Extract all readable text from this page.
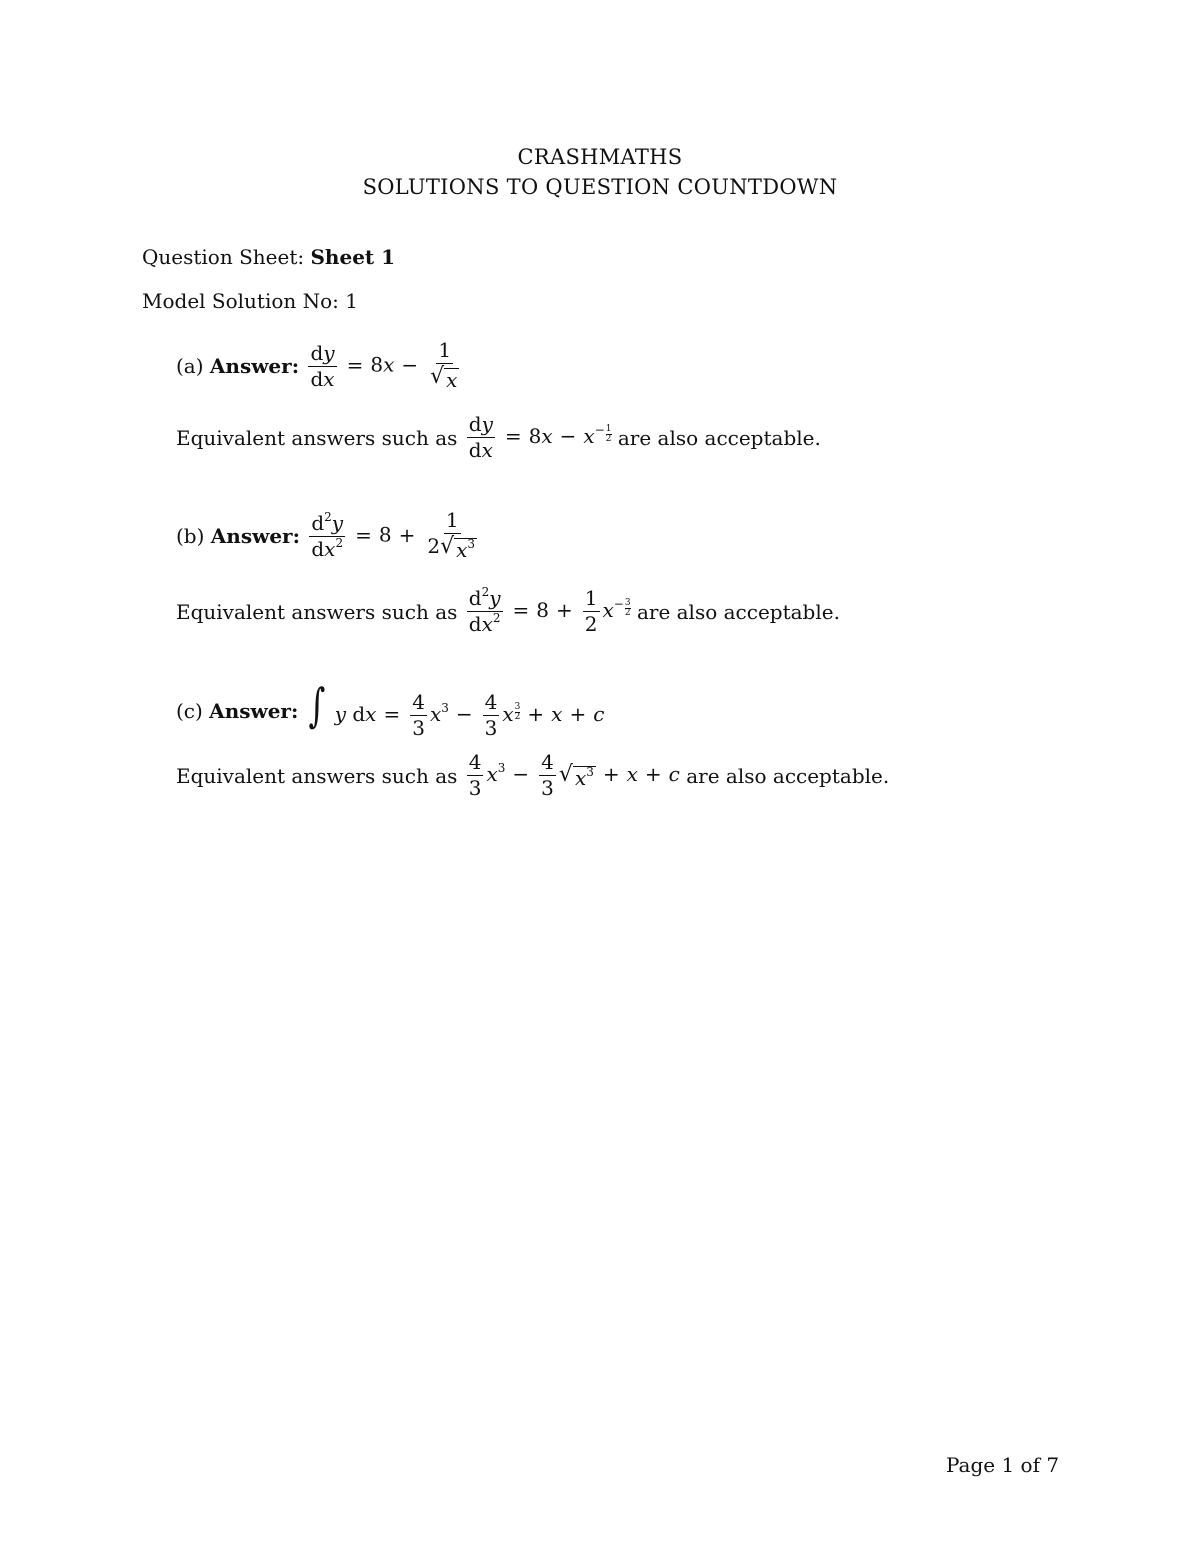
CRASHMATHS
SOLUTIONS TO QUESTION COUNTDOWN
Question Sheet:
Sheet 1
Model Solution No:
1
(a)
Answer:
$\frac{dy}{dx} = 8x - \frac{1}{√ x}$
Equivalent answers such as
$\frac{dy}{dx} = 8x - x^- \frac{1}{2}$
are also acceptable.
(b)
Answer:
$\frac{d^2y}{dx^2} = 8 + \frac{1}{2 √ x^3}$
Equivalent answers such as
$\frac{d^2y}{dx^2} = 8 + \frac{1}{2} x^- \frac{3}{2}$
are also acceptable.
(c)
Answer:
∫ y dx = $\frac{4}{3} x^3 - \frac{4}{3}$ x $\frac{3}{2} + x + c$
Equivalent answers such as
$\frac{4}{3} x^3 - \frac{4}{3}$ √ $x^3 + x + c$
are also acceptable.
Page 1 of 7
